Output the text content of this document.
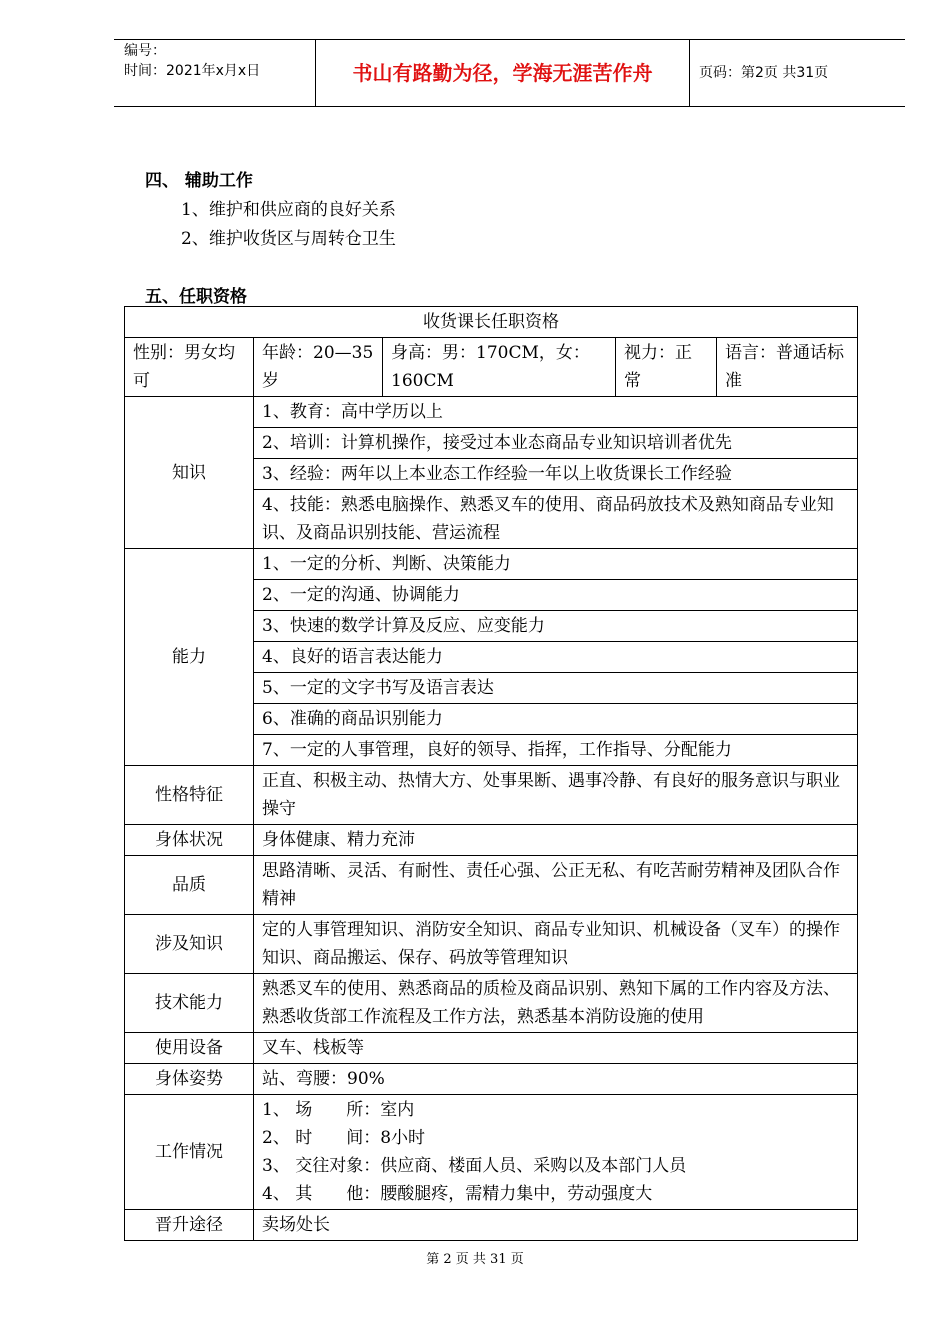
编号：
时间：2021年x月x日	书山有路勤为径，学海无涯苦作舟	页码：第2页 共31页
四、 辅助工作
1、维护和供应商的良好关系
2、维护收货区与周转仓卫生
五、任职资格
收货课长任职资格				
性别：男女均可	年龄：20—35岁	身高：男：170CM，女：160CM	视力：正常	语言：普通话标准
知识	1、教育：高中学历以上			
	2、培训：计算机操作，接受过本业态商品专业知识培训者优先			
	3、经验：两年以上本业态工作经验一年以上收货课长工作经验			
	4、技能：熟悉电脑操作、熟悉叉车的使用、商品码放技术及熟知商品专业知识、及商品识别技能、营运流程			
能力	1、一定的分析、判断、决策能力			
	2、一定的沟通、协调能力			
	3、快速的数学计算及反应、应变能力			
	4、良好的语言表达能力			
	5、一定的文字书写及语言表达			
	6、准确的商品识别能力			
	7、一定的人事管理，良好的领导、指挥，工作指导、分配能力			
性格特征	正直、积极主动、热情大方、处事果断、遇事冷静、有良好的服务意识与职业操守			
身体状况	身体健康、精力充沛			
品质	思路清晰、灵活、有耐性、责任心强、公正无私、有吃苦耐劳精神及团队合作精神			
涉及知识	定的人事管理知识、消防安全知识、商品专业知识、机械设备（叉车）的操作知识、商品搬运、保存、码放等管理知识			
技术能力	熟悉叉车的使用、熟悉商品的质检及商品识别、熟知下属的工作内容及方法、熟悉收货部工作流程及工作方法，熟悉基本消防设施的使用			
使用设备	叉车、栈板等			
身体姿势	站、弯腰：90%			
工作情况	1、 场　　所：室内
2、 时　　间：8小时
3、 交往对象：供应商、楼面人员、采购以及本部门人员
4、 其　　他：腰酸腿疼，需精力集中，劳动强度大			

晋升途径	卖场处长			
第 2 页 共 31 页
